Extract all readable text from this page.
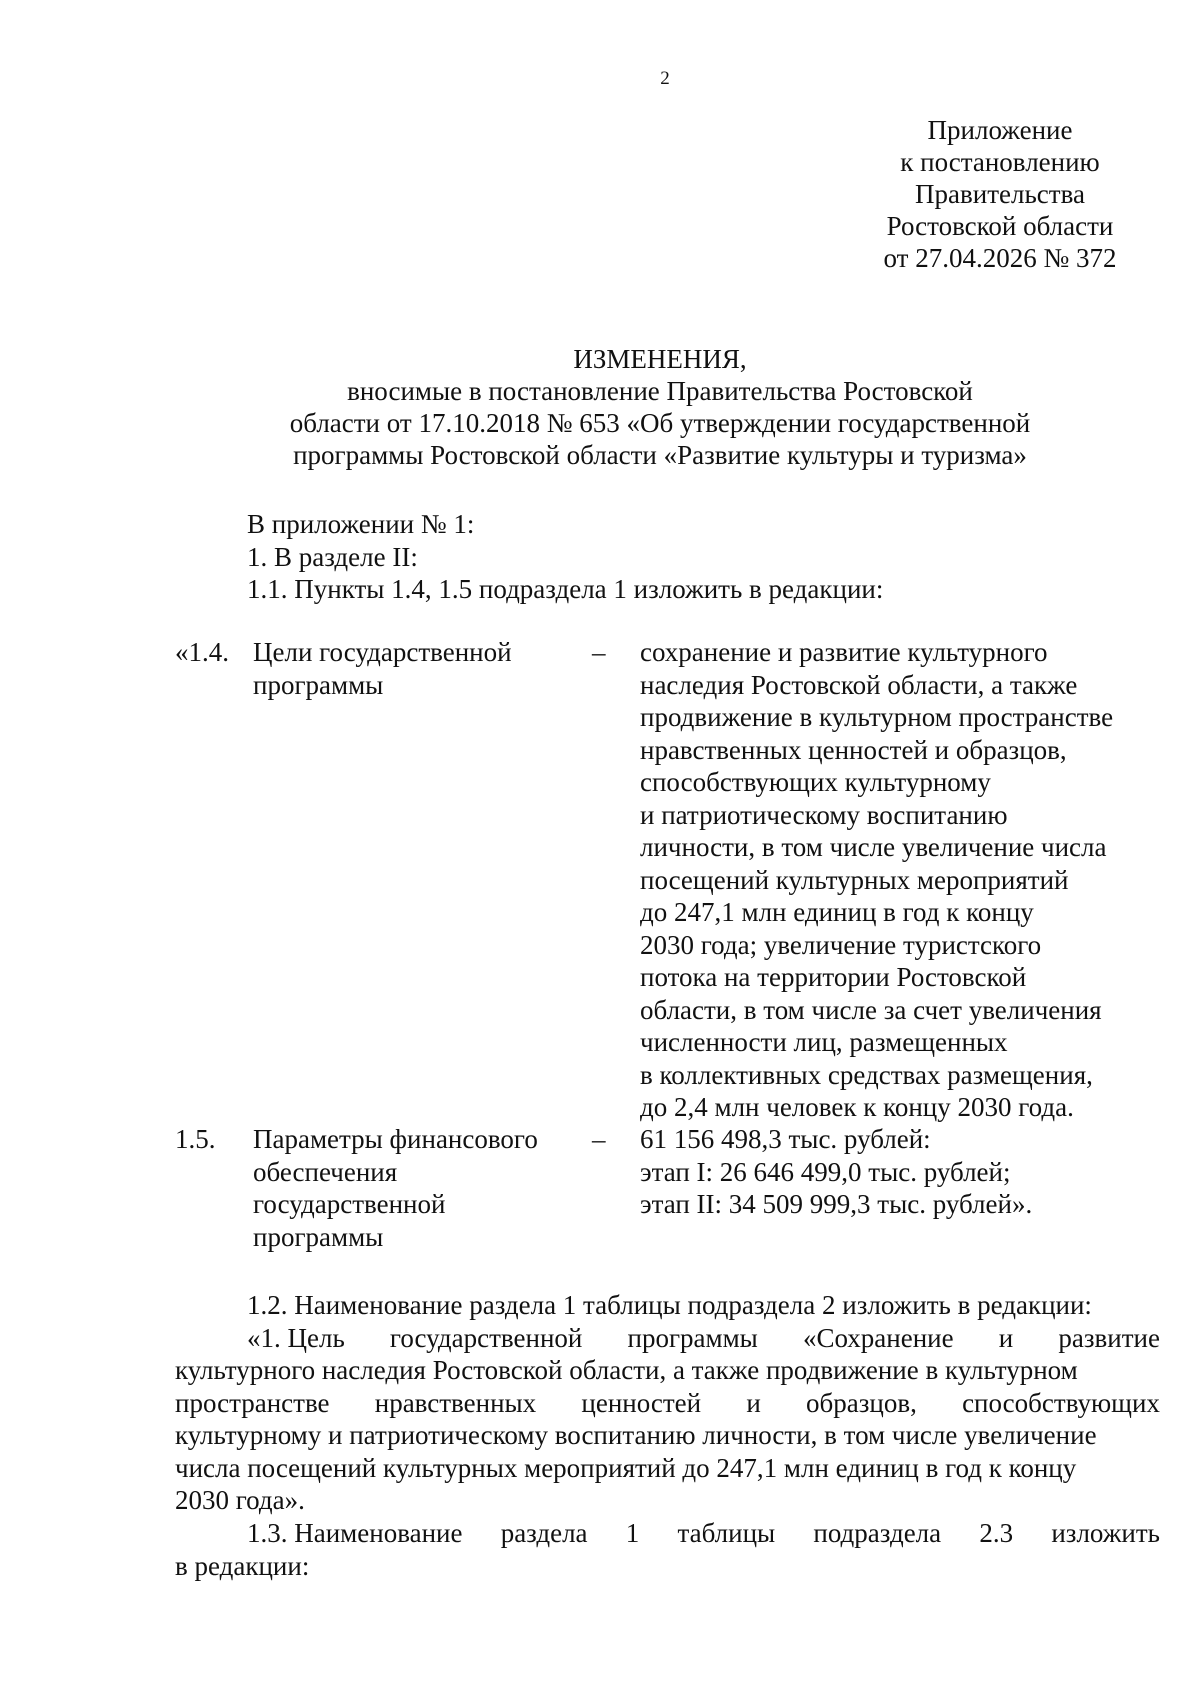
2
Приложение
к постановлению
Правительства
Ростовской области
от 27.04.2026 № 372
ИЗМЕНЕНИЯ,
вносимые в постановление Правительства Ростовской
области от 17.10.2018 № 653 «Об утверждении государственной
программы Ростовской области «Развитие культуры и туризма»
В приложении № 1:
1. В разделе II:
1.1. Пункты 1.4, 1.5 подраздела 1 изложить в редакции:
«1.4. Цели государственной
программы
– сохранение и развитие культурного
наследия Ростовской области, а также
продвижение в культурном пространстве
нравственных ценностей и образцов,
способствующих культурному
и патриотическому воспитанию
личности, в том числе увеличение числа
посещений культурных мероприятий
до 247,1 млн единиц в год к концу
2030 года; увеличение туристского
потока на территории Ростовской
области, в том числе за счет увеличения
численности лиц, размещенных
в коллективных средствах размещения,
до 2,4 млн человек к концу 2030 года.
1.5. Параметры финансового
обеспечения
государственной
программы
– 61 156 498,3 тыс. рублей:
этап I: 26 646 499,0 тыс. рублей;
этап II: 34 509 999,3 тыс. рублей».
1.2. Наименование раздела 1 таблицы подраздела 2 изложить в редакции:
«1. Цель государственной программы «Сохранение и развитие
культурного наследия Ростовской области, а также продвижение в культурном
пространстве нравственных ценностей и образцов, способствующих
культурному и патриотическому воспитанию личности, в том числе увеличение
числа посещений культурных мероприятий до 247,1 млн единиц в год к концу
2030 года».
1.3. Наименование раздела 1 таблицы подраздела 2.3 изложить
в редакции:
